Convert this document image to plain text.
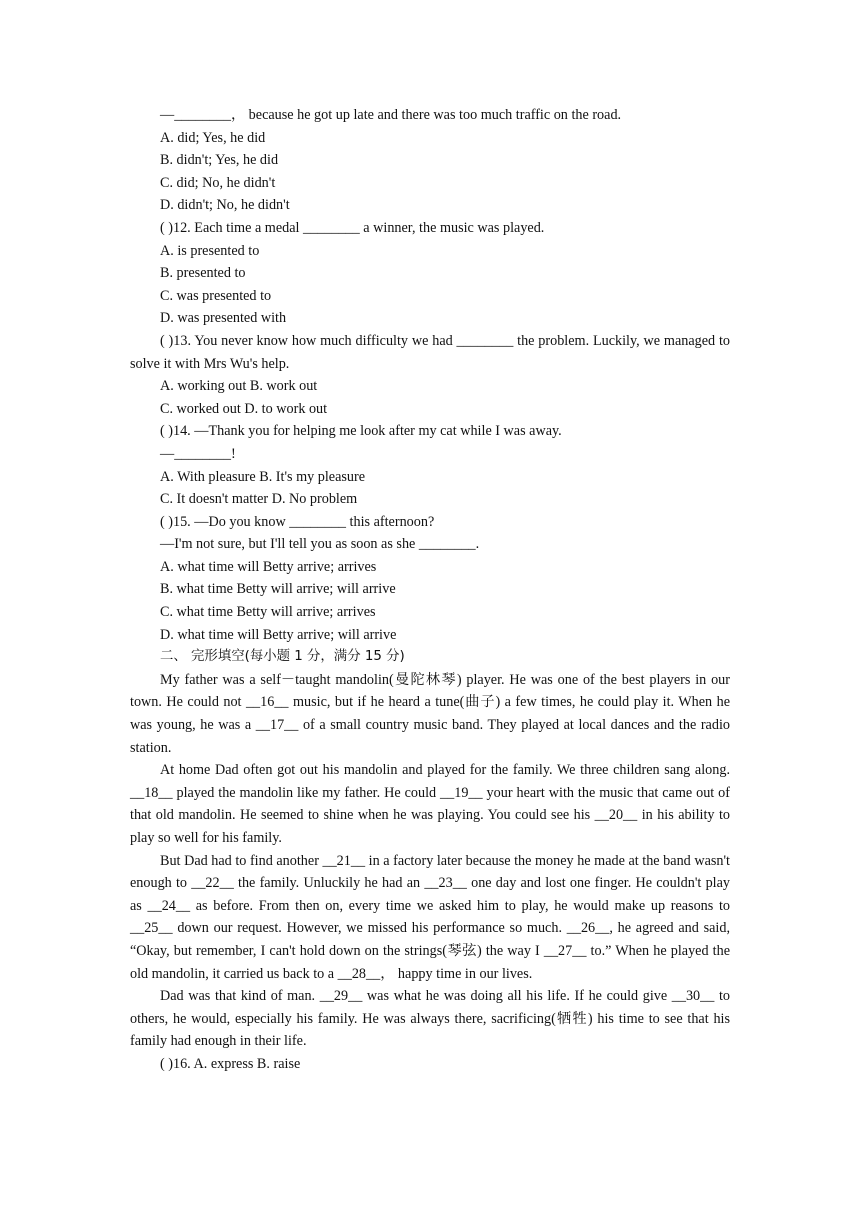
—________， because he got up late and there was too much traffic on the road.
A. did; Yes, he did
B. didn't; Yes, he did
C. did; No, he didn't
D. didn't; No, he didn't
( )12. Each time a medal ________ a winner, the music was played.
A. is presented to
B. presented to
C. was presented to
D. was presented with
( )13. You never know how much difficulty we had ________ the problem. Luckily, we managed to solve it with Mrs Wu's help.
A. working out B. work out
C. worked out D. to work out
( )14. —Thank you for helping me look after my cat while I was away.
—________!
A. With pleasure B. It's my pleasure
C. It doesn't matter D. No problem
( )15. —Do you know ________ this afternoon?
—I'm not sure, but I'll tell you as soon as she ________.
A. what time will Betty arrive; arrives
B. what time Betty will arrive; will arrive
C. what time Betty will arrive; arrives
D. what time will Betty arrive; will arrive
二、 完形填空(每小题 1 分，满分 15 分)
My father was a self－taught mandolin(曼陀林琴) player. He was one of the best players in our town. He could not __16__ music, but if he heard a tune(曲子) a few times, he could play it. When he was young, he was a __17__ of a small country music band. They played at local dances and the radio station.
At home Dad often got out his mandolin and played for the family. We three children sang along. __18__ played the mandolin like my father. He could __19__ your heart with the music that came out of that old mandolin. He seemed to shine when he was playing. You could see his __20__ in his ability to play so well for his family.
But Dad had to find another __21__ in a factory later because the money he made at the band wasn't enough to __22__ the family. Unluckily he had an __23__ one day and lost one finger. He couldn't play as __24__ as before. From then on, every time we asked him to play, he would make up reasons to __25__ down our request. However, we missed his performance so much. __26__, he agreed and said, “Okay, but remember, I can't hold down on the strings(琴弦) the way I __27__ to.” When he played the old mandolin, it carried us back to a __28__， happy time in our lives.
Dad was that kind of man. __29__ was what he was doing all his life. If he could give __30__ to others, he would, especially his family. He was always there, sacrificing(牺牲) his time to see that his family had enough in their life.
( )16. A. express B. raise
